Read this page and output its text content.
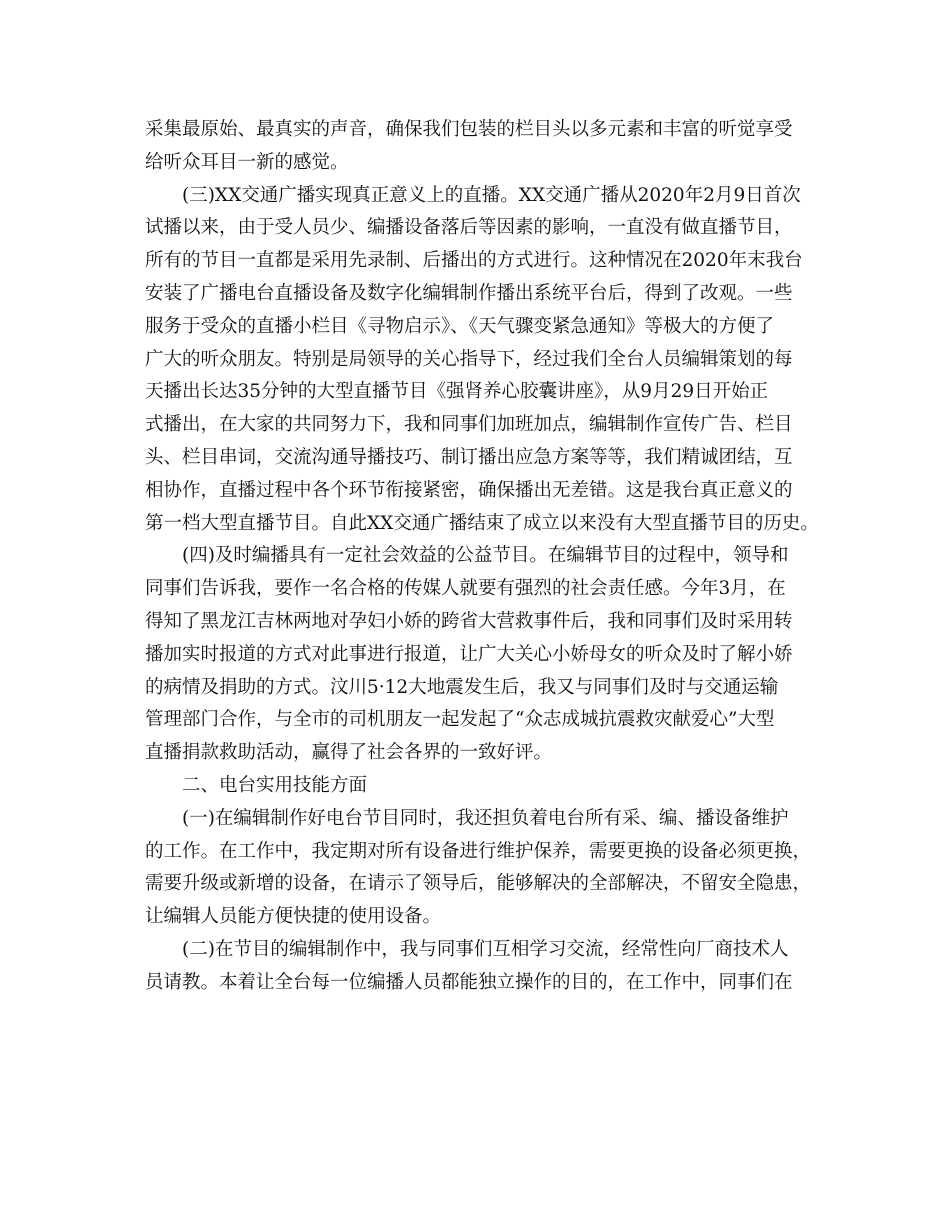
采集最原始、最真实的声音，确保我们包装的栏目头以多元素和丰富的听觉享受
给听众耳目一新的感觉。
(三)XX交通广播实现真正意义上的直播。XX交通广播从2020年2月9日首次
试播以来，由于受人员少、编播设备落后等因素的影响，一直没有做直播节目，
所有的节目一直都是采用先录制、后播出的方式进行。这种情况在2020年末我台
安装了广播电台直播设备及数字化编辑制作播出系统平台后，得到了改观。一些
服务于受众的直播小栏目《寻物启示》、《天气骤变紧急通知》等极大的方便了
广大的听众朋友。特别是局领导的关心指导下，经过我们全台人员编辑策划的每
天播出长达35分钟的大型直播节目《强肾养心胶囊讲座》，从9月29日开始正
式播出，在大家的共同努力下，我和同事们加班加点，编辑制作宣传广告、栏目
头、栏目串词，交流沟通导播技巧、制订播出应急方案等等，我们精诚团结，互
相协作，直播过程中各个环节衔接紧密，确保播出无差错。这是我台真正意义的
第一档大型直播节目。自此XX交通广播结束了成立以来没有大型直播节目的历史。
(四)及时编播具有一定社会效益的公益节目。在编辑节目的过程中，领导和
同事们告诉我，要作一名合格的传媒人就要有强烈的社会责任感。今年3月，在
得知了黑龙江吉林两地对孕妇小娇的跨省大营救事件后，我和同事们及时采用转
播加实时报道的方式对此事进行报道，让广大关心小娇母女的听众及时了解小娇
的病情及捐助的方式。汶川5·12大地震发生后，我又与同事们及时与交通运输
管理部门合作，与全市的司机朋友一起发起了“众志成城抗震救灾献爱心”大型
直播捐款救助活动，赢得了社会各界的一致好评。
二、电台实用技能方面
(一)在编辑制作好电台节目同时，我还担负着电台所有采、编、播设备维护
的工作。在工作中，我定期对所有设备进行维护保养，需要更换的设备必须更换，
需要升级或新增的设备，在请示了领导后，能够解决的全部解决，不留安全隐患，
让编辑人员能方便快捷的使用设备。
(二)在节目的编辑制作中，我与同事们互相学习交流，经常性向厂商技术人
员请教。本着让全台每一位编播人员都能独立操作的目的，在工作中，同事们在
